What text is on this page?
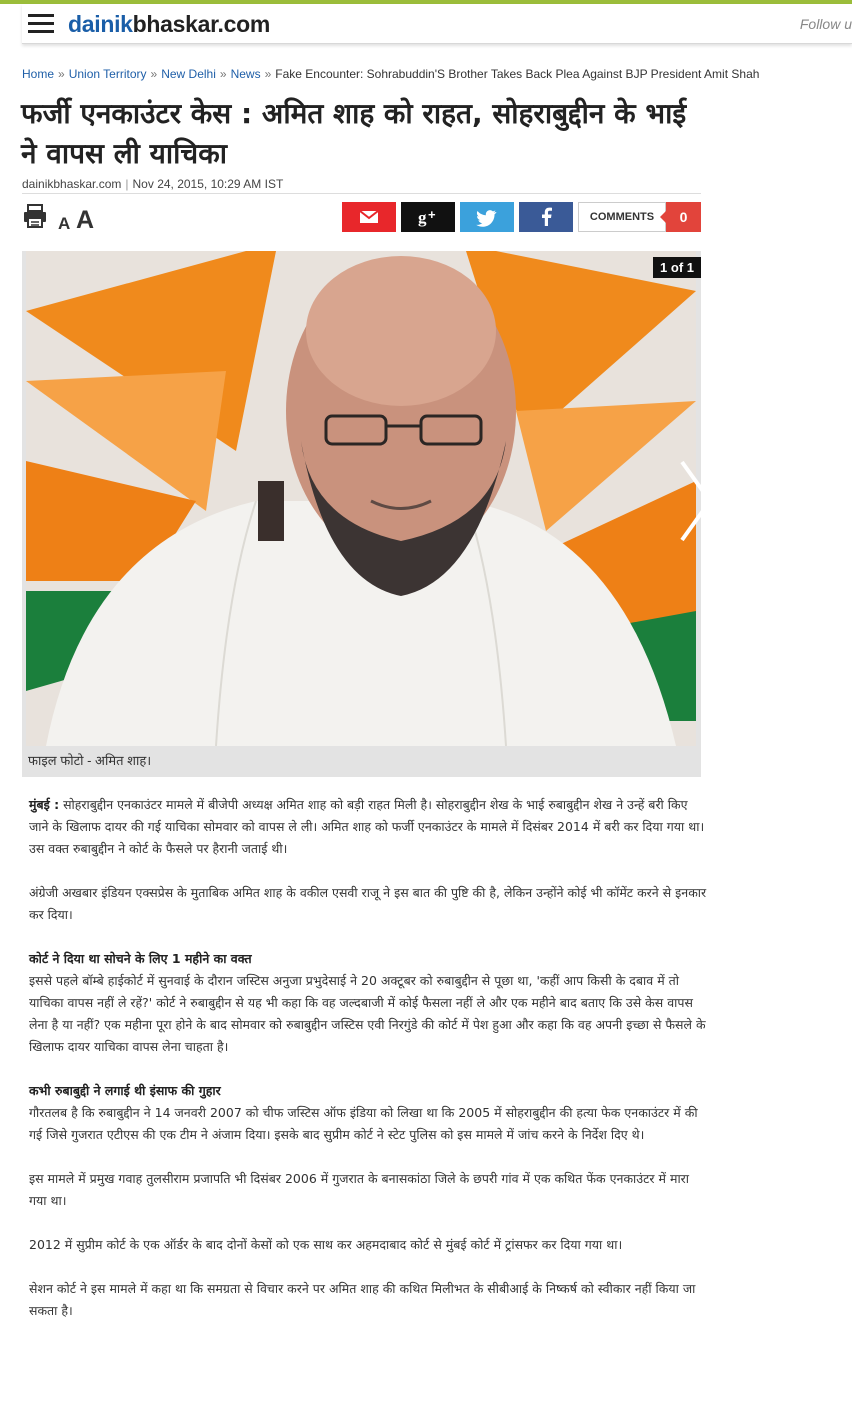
dainikbhaskar.com	Follow u
Home » Union Territory » New Delhi » News » Fake Encounter: Sohrabuddin'S Brother Takes Back Plea Against BJP President Amit Shah
फर्जी एनकाउंटर केस : अमित शाह को राहत, सोहराबुद्दीन के भाई ने वापस ली याचिका
dainikbhaskar.com | Nov 24, 2015, 10:29 AM IST
A A	g +	COMMENTS	0
1 of 1
फाइल फोटो - अमित शाह।

मुंबई : सोहराबुद्दीन एनकाउंटर मामले में बीजेपी अध्यक्ष अमित शाह को बड़ी राहत मिली है। सोहराबुद्दीन शेख के भाई रुबाबुद्दीन शेख ने उन्हें बरी किए जाने के खिलाफ दायर की गई याचिका सोमवार को वापस ले ली। अमित शाह को फर्जी एनकाउंटर के मामले में दिसंबर 2014 में बरी कर दिया गया था। उस वक्त रुबाबुद्दीन ने कोर्ट के फैसले पर हैरानी जताई थी।

अंग्रेजी अखबार इंडियन एक्सप्रेस के मुताबिक अमित शाह के वकील एसवी राजू ने इस बात की पुष्टि की है, लेकिन उन्होंने कोई भी कॉमेंट करने से इनकार कर दिया।

कोर्ट ने दिया था सोचने के लिए 1 महीने का वक्त
इससे पहले बॉम्बे हाईकोर्ट में सुनवाई के दौरान जस्टिस अनुजा प्रभुदेसाई ने 20 अक्टूबर को रुबाबुद्दीन से पूछा था, 'कहीं आप किसी के दबाव में तो याचिका वापस नहीं ले रहें?' कोर्ट ने रुबाबुद्दीन से यह भी कहा कि वह जल्दबाजी में कोई फैसला नहीं ले और एक महीने बाद बताए कि उसे केस वापस लेना है या नहीं? एक महीना पूरा होने के बाद सोमवार को रुबाबुद्दीन जस्टिस एवी निरगुंडे की कोर्ट में पेश हुआ और कहा कि वह अपनी इच्छा से फैसले के खिलाफ दायर याचिका वापस लेना चाहता है।

कभी रुबाबुद्दी ने लगाई थी इंसाफ की गुहार
गौरतलब है कि रुबाबुद्दीन ने 14 जनवरी 2007 को चीफ जस्टिस ऑफ इंडिया को लिखा था कि 2005 में सोहराबुद्दीन की हत्या फेक एनकाउंटर में की गई जिसे गुजरात एटीएस की एक टीम ने अंजाम दिया। इसके बाद सुप्रीम कोर्ट ने स्टेट पुलिस को इस मामले में जांच करने के निर्देश दिए थे।

इस मामले में प्रमुख गवाह तुलसीराम प्रजापति भी दिसंबर 2006 में गुजरात के बनासकांठा जिले के छपरी गांव में एक कथित फेंक एनकाउंटर में मारा गया था।

2012 में सुप्रीम कोर्ट के एक ऑर्डर के बाद दोनों केसों को एक साथ कर अहमदाबाद कोर्ट से मुंबई कोर्ट में ट्रांसफर कर दिया गया था।

सेशन कोर्ट ने इस मामले में कहा था कि समग्रता से विचार करने पर अमित शाह की कथित मिलीभत के सीबीआई के निष्कर्ष को स्वीकार नहीं किया जा सकता है।
